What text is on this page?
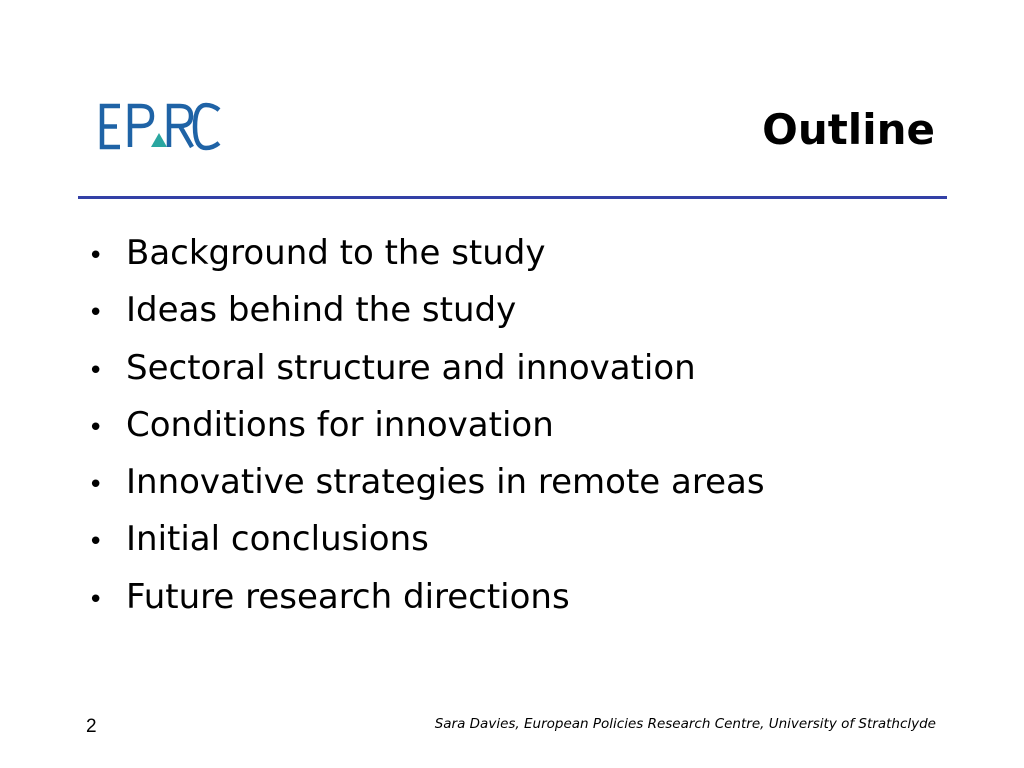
Outline
• Background to the study
• Ideas behind the study
• Sectoral structure and innovation
• Conditions for innovation
• Innovative strategies in remote areas
• Initial conclusions
• Future research directions
2	Sara Davies, European Policies Research Centre, University of Strathclyde
